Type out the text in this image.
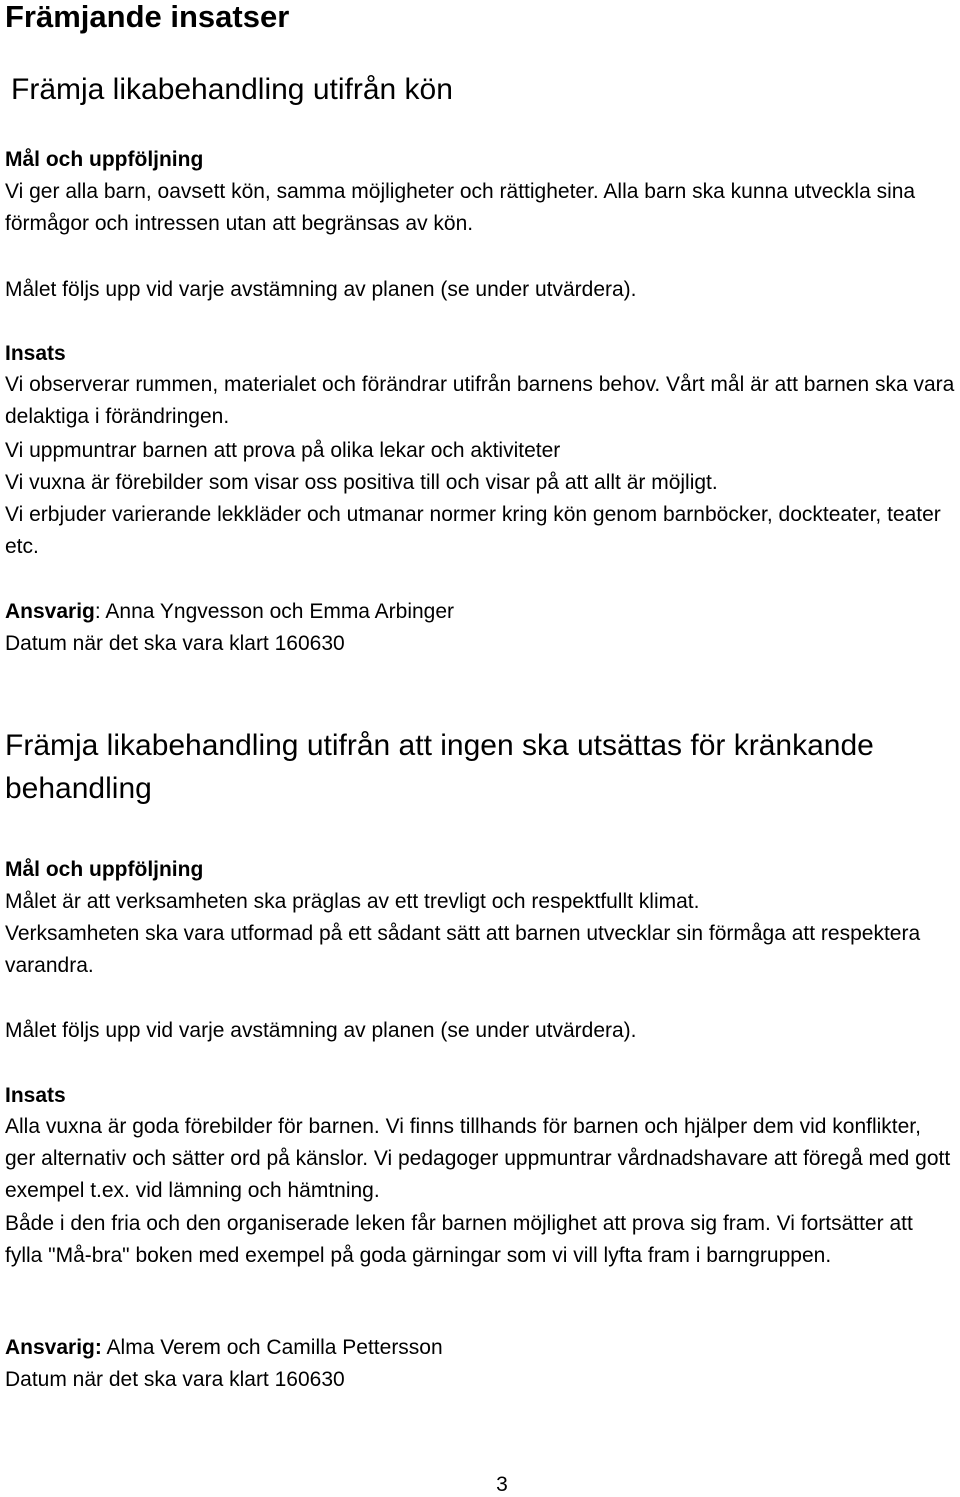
Främjande insatser
Främja likabehandling utifrån kön
Mål och uppföljning
Vi ger alla barn, oavsett kön, samma möjligheter och rättigheter. Alla barn ska kunna utveckla sina förmågor och intressen utan att begränsas av kön.
Målet följs upp vid varje avstämning av planen (se under utvärdera).
Insats
Vi observerar rummen, materialet och förändrar utifrån barnens behov. Vårt mål är att barnen ska vara delaktiga i förändringen.
Vi uppmuntrar barnen att prova på olika lekar och aktiviteter
Vi vuxna är förebilder som visar oss positiva till och visar på att allt är möjligt.
Vi erbjuder varierande lekkläder och utmanar normer kring kön genom barnböcker, dockteater, teater etc.
Ansvarig: Anna Yngvesson och Emma Arbinger
Datum när det ska vara klart 160630
Främja likabehandling utifrån att ingen ska utsättas för kränkande behandling
Mål och uppföljning
Målet är att verksamheten ska präglas av ett trevligt och respektfullt klimat.
Verksamheten ska vara utformad på ett sådant sätt att barnen utvecklar sin förmåga att respektera varandra.
Målet följs upp vid varje avstämning av planen (se under utvärdera).
Insats
Alla vuxna är goda förebilder för barnen. Vi finns tillhands för barnen och hjälper dem vid konflikter, ger alternativ och sätter ord på känslor. Vi pedagoger uppmuntrar vårdnadshavare att föregå med gott exempel t.ex. vid lämning och hämtning.
Både i den fria och den organiserade leken får barnen möjlighet att prova sig fram. Vi fortsätter att fylla "Må-bra" boken med exempel på goda gärningar som vi vill lyfta fram i barngruppen.
Ansvarig: Alma Verem och Camilla Pettersson
Datum när det ska vara klart 160630
3
